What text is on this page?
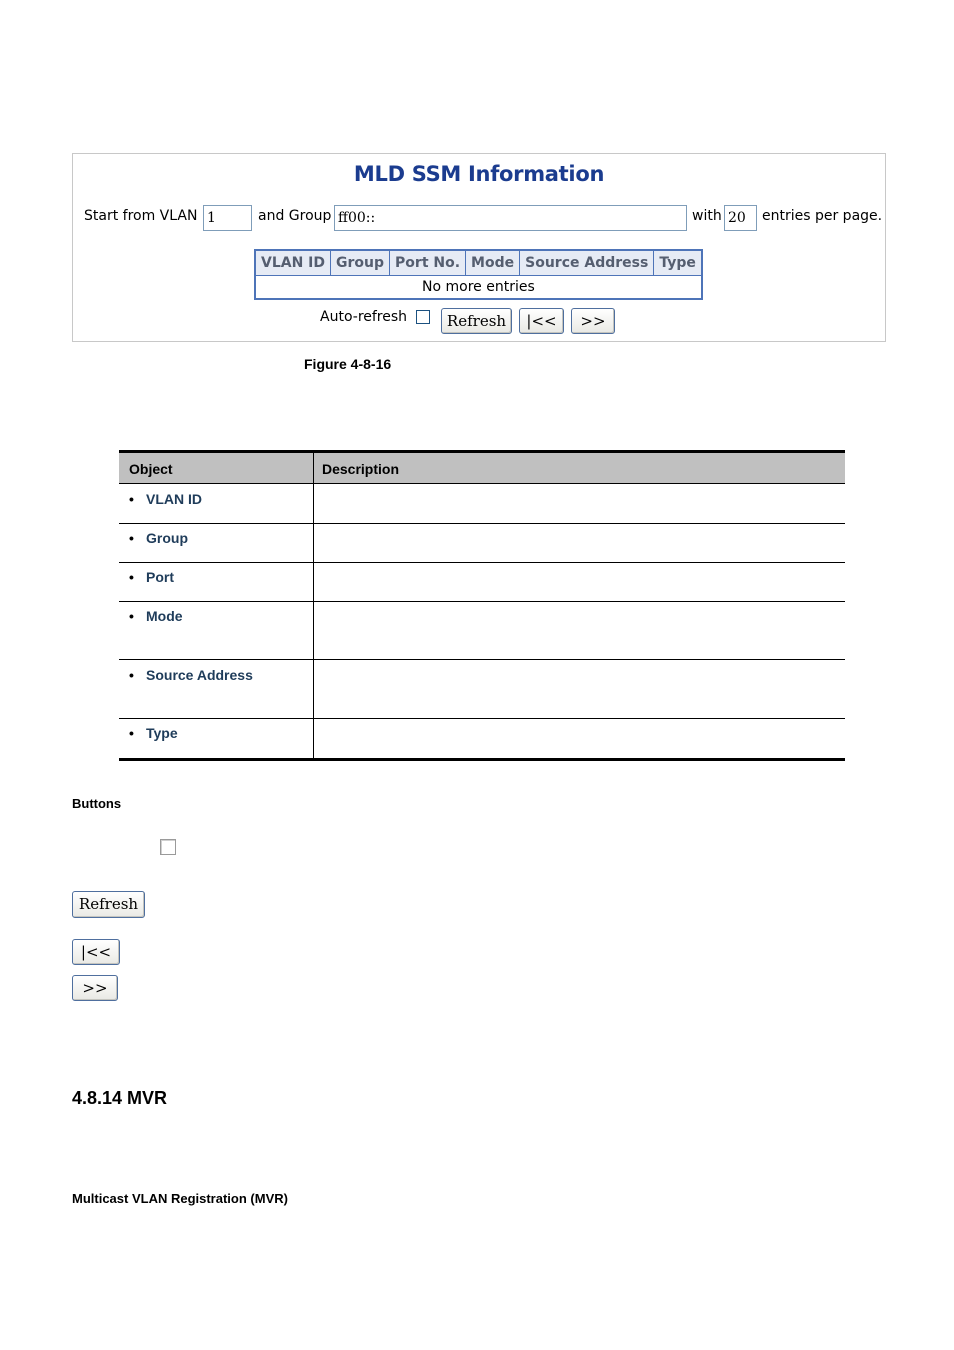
MLD SSM Information
Start from VLAN 1	and Group ff00::	with 20	entries per page.
VLAN ID	Group	Port No.	Mode	Source Address	Type
No more entries
Auto-refresh	Refresh	|<<	>>
Figure 4-8-16
Object	Description
• VLAN ID
• Group
• Port
• Mode
• Source Address
• Type
Buttons
Refresh
|<<
>>
4.8.14 MVR
Multicast VLAN Registration (MVR)
